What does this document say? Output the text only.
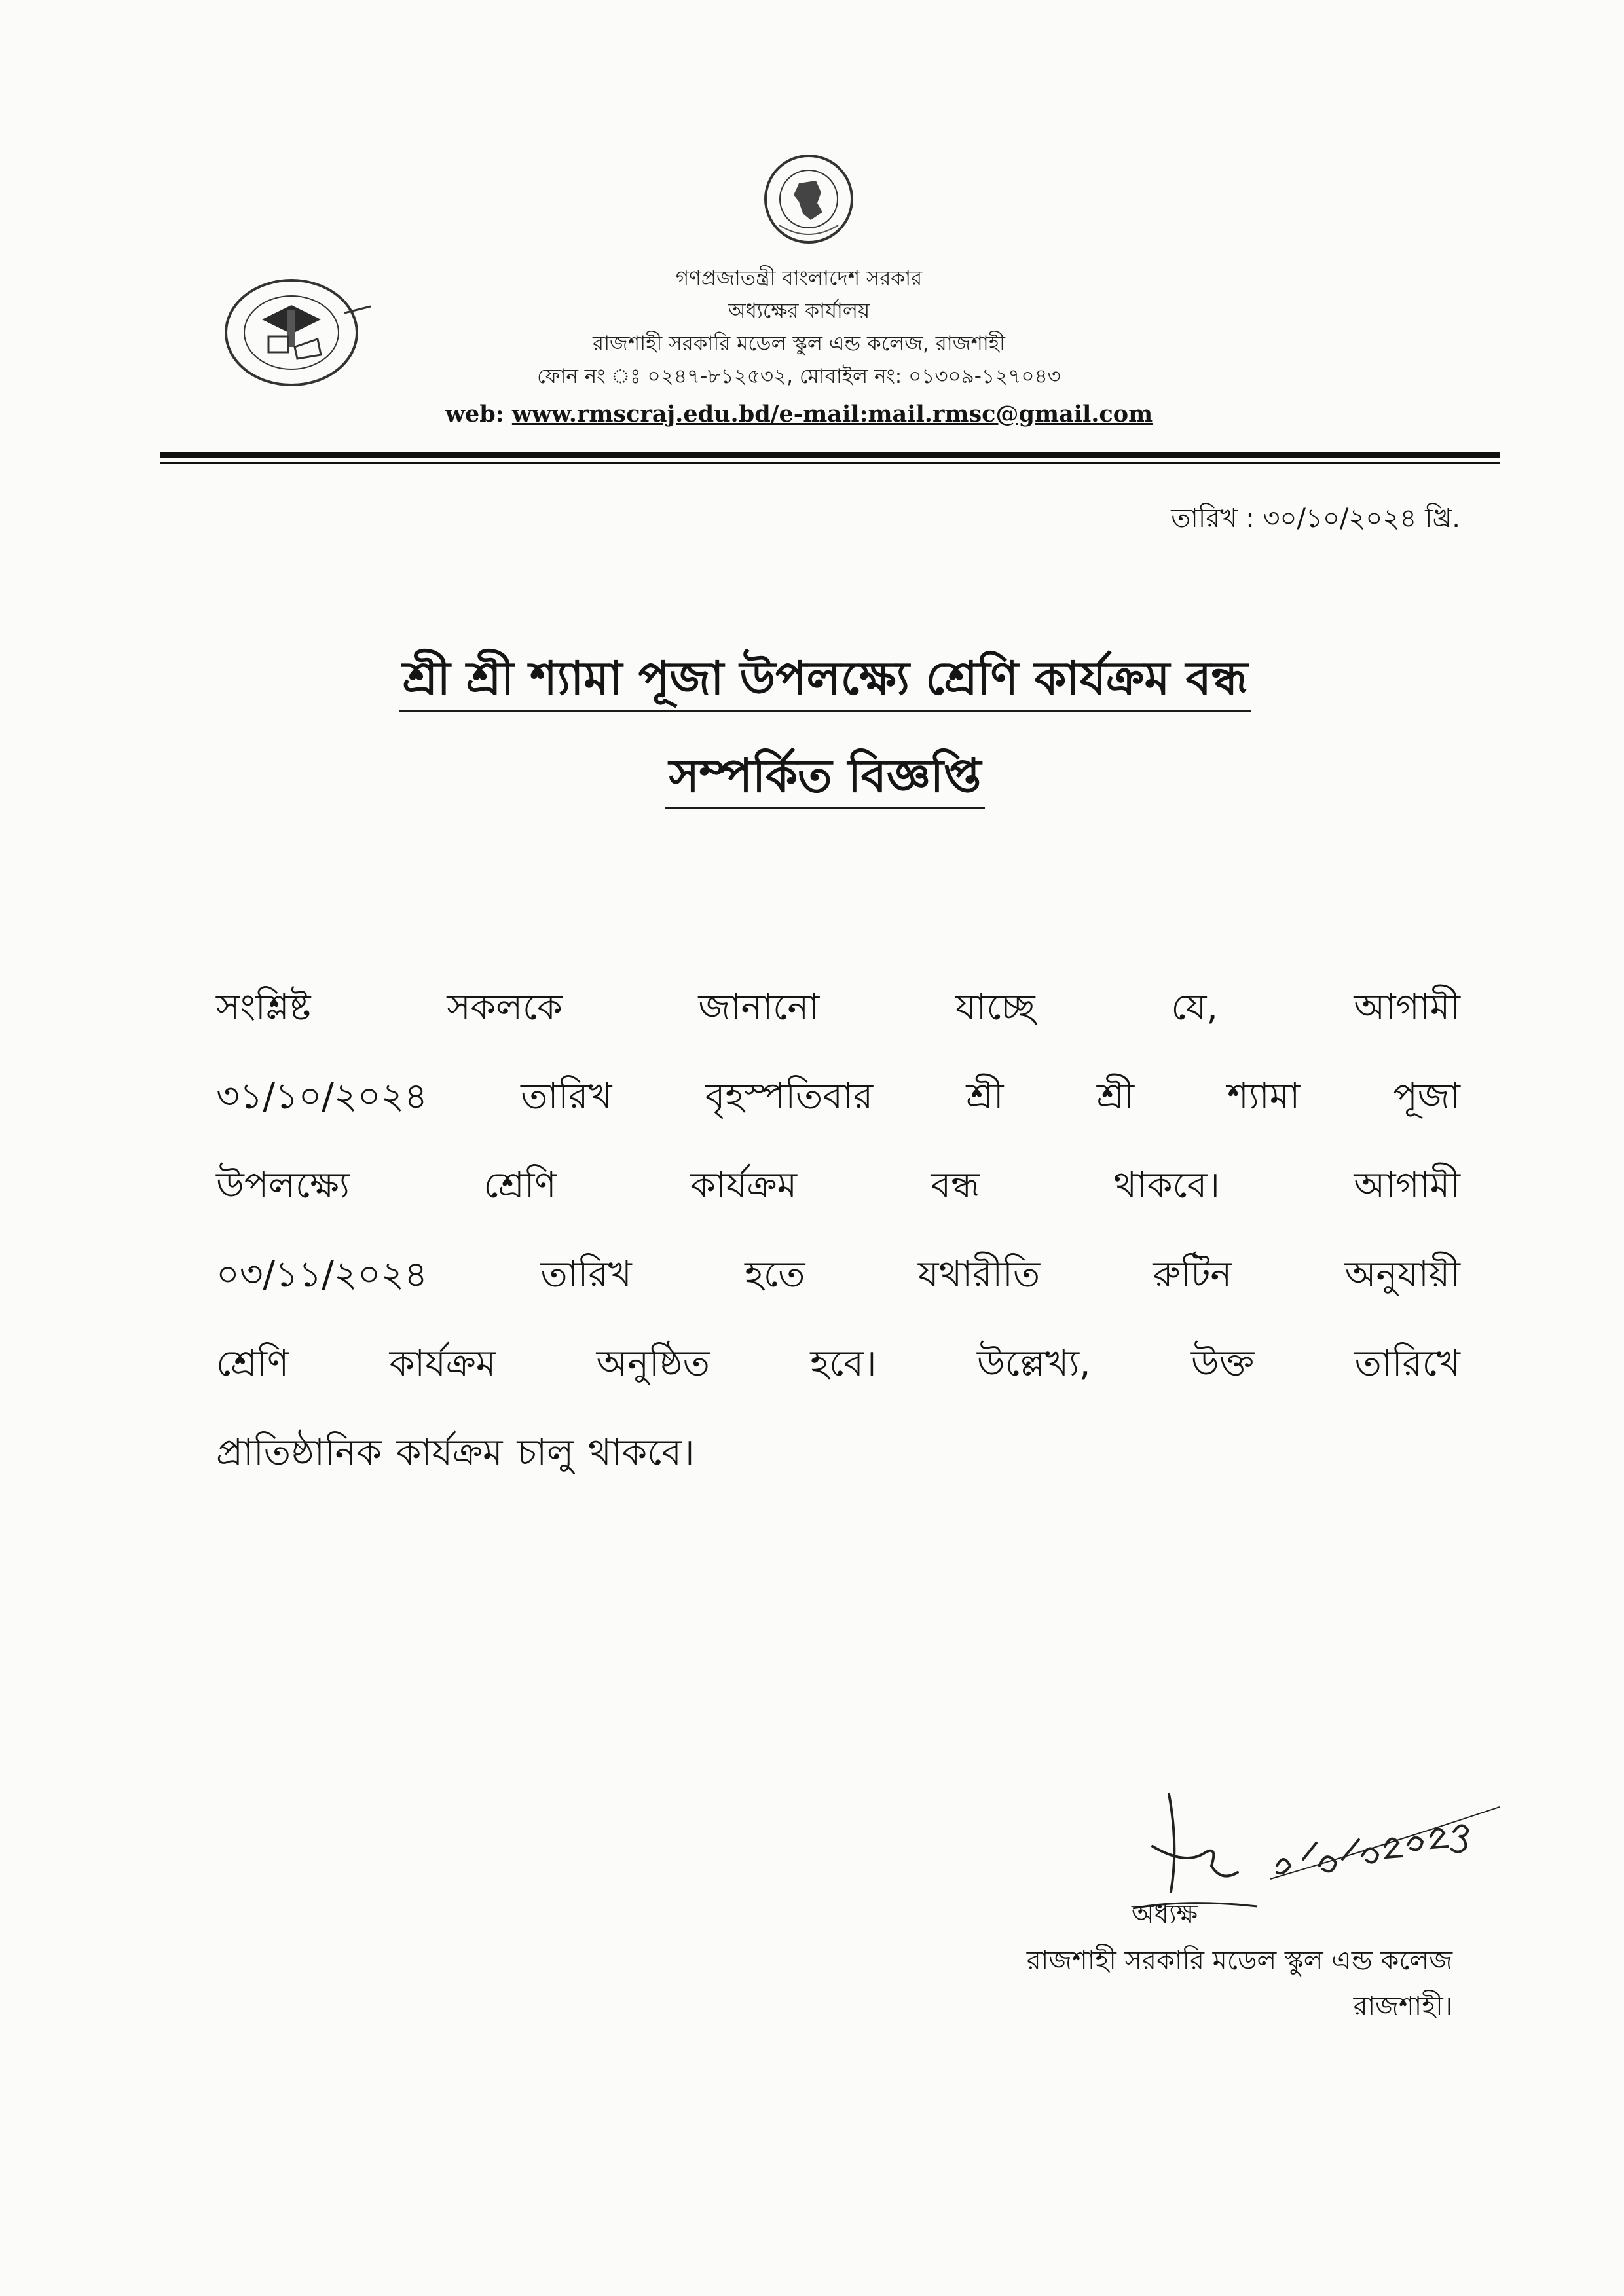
গণপ্রজাতন্ত্রী বাংলাদেশ সরকার
অধ্যক্ষের কার্যালয়
রাজশাহী সরকারি মডেল স্কুল এন্ড কলেজ, রাজশাহী
ফোন নং ঃ ০২৪৭-৮১২৫৩২, মোবাইল নং: ০১৩০৯-১২৭০৪৩
web: www.rmscraj.edu.bd/e-mail:mail.rmsc@gmail.com
তারিখ : ৩০/১০/২০২৪ খ্রি.
শ্রী শ্রী শ্যামা পূজা উপলক্ষ্যে শ্রেণি কার্যক্রম বন্ধ
সম্পর্কিত বিজ্ঞপ্তি
সংশ্লিষ্ট	সকলকে	জানানো	যাচ্ছে	যে,	আগামী
৩১/১০/২০২৪	তারিখ	বৃহস্পতিবার	শ্রী	শ্রী	শ্যামা	পূজা
উপলক্ষ্যে	শ্রেণি	কার্যক্রম	বন্ধ	থাকবে।	আগামী
০৩/১১/২০২৪	তারিখ	হতে	যথারীতি	রুটিন	অনুযায়ী
শ্রেণি	কার্যক্রম	অনুষ্ঠিত	হবে।	উল্লেখ্য,	উক্ত	তারিখে
প্রাতিষ্ঠানিক কার্যক্রম চালু থাকবে।
অধ্যক্ষ
রাজশাহী সরকারি মডেল স্কুল এন্ড কলেজ
রাজশাহী।
